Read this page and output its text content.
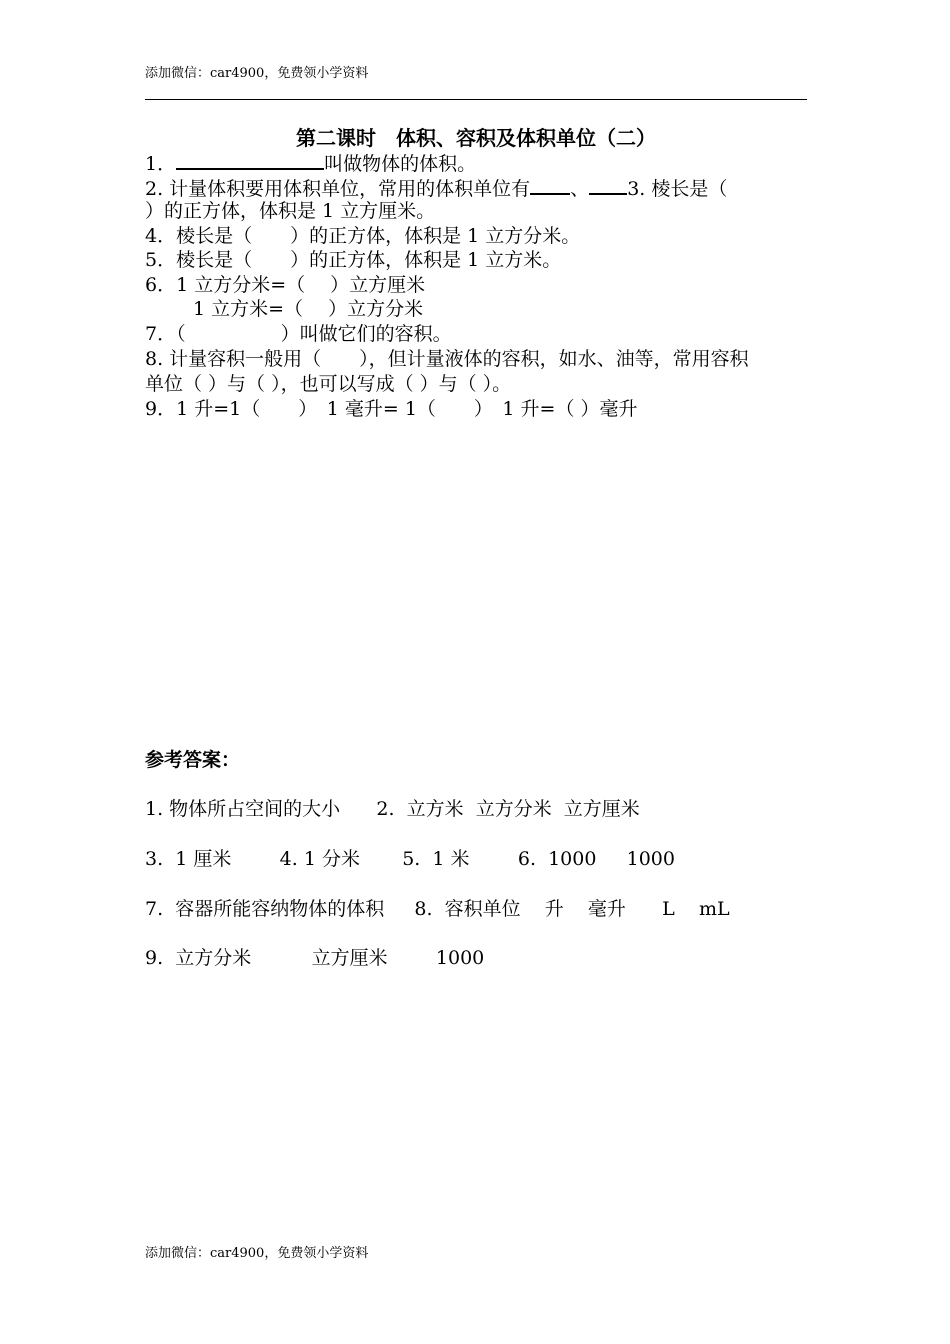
添加微信：car4900，免费领小学资料
第二课时　体积、容积及体积单位（二）
1．	叫做物体的体积。
2. 计量体积要用体积单位，常用的体积单位有 、 3. 棱长是（
）的正方体，体积是 1 立方厘米。
4．棱长是（　　）的正方体，体积是 1 立方分米。
5．棱长是（　　）的正方体，体积是 1 立方米。
6．1 立方分米=（　 ）立方厘米
1 立方米=（　 ）立方分米
7．（　　　　　）叫做它们的容积。
8. 计量容积一般用（　　），但计量液体的容积，如水、油等，常用容积
单位（ ）与（ ），也可以写成（ ）与（ ）。
9．1 升=1（　　）　1 毫升= 1（　　）　1 升=（ ）毫升
参考答案：
1. 物体所占空间的大小      2.  立方米  立方分米  立方厘米
3.  1 厘米        4. 1 分米       5.  1 米        6.  1000     1000
7.  容器所能容纳物体的体积     8.  容积单位    升    毫升      L    mL
9.  立方分米          立方厘米        1000
添加微信：car4900，免费领小学资料
